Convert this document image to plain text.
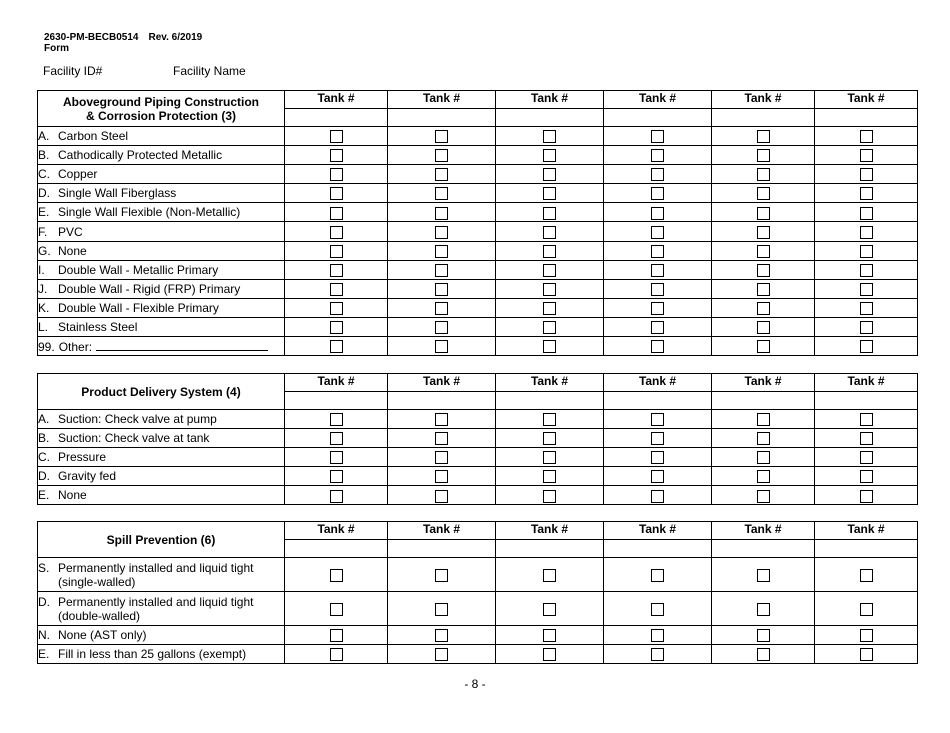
2630-PM-BECB0514 Rev. 6/2019
Form
Facility ID#	Facility Name
Aboveground Piping Construction
& Corrosion Protection (3)	Tank #	Tank #	Tank #	Tank #	Tank #	Tank #

A. Carbon Steel						
B. Cathodically Protected Metallic						
C. Copper						
D. Single Wall Fiberglass						
E. Single Wall Flexible (Non-Metallic)						
F. PVC						
G. None						
I. Double Wall - Metallic Primary						
J. Double Wall - Rigid (FRP) Primary						
K. Double Wall - Flexible Primary						
L. Stainless Steel						
99. Other:						
Product Delivery System (4)	Tank #	Tank #	Tank #	Tank #	Tank #	Tank #

A. Suction: Check valve at pump						
B. Suction: Check valve at tank						
C. Pressure						
D. Gravity fed						
E. None						
Spill Prevention (6)	Tank #	Tank #	Tank #	Tank #	Tank #	Tank #

S. Permanently installed and liquid tight
(single-walled)						

D. Permanently installed and liquid tight
(double-walled)						

N. None (AST only)						
E. Fill in less than 25 gallons (exempt)						
- 8 -
